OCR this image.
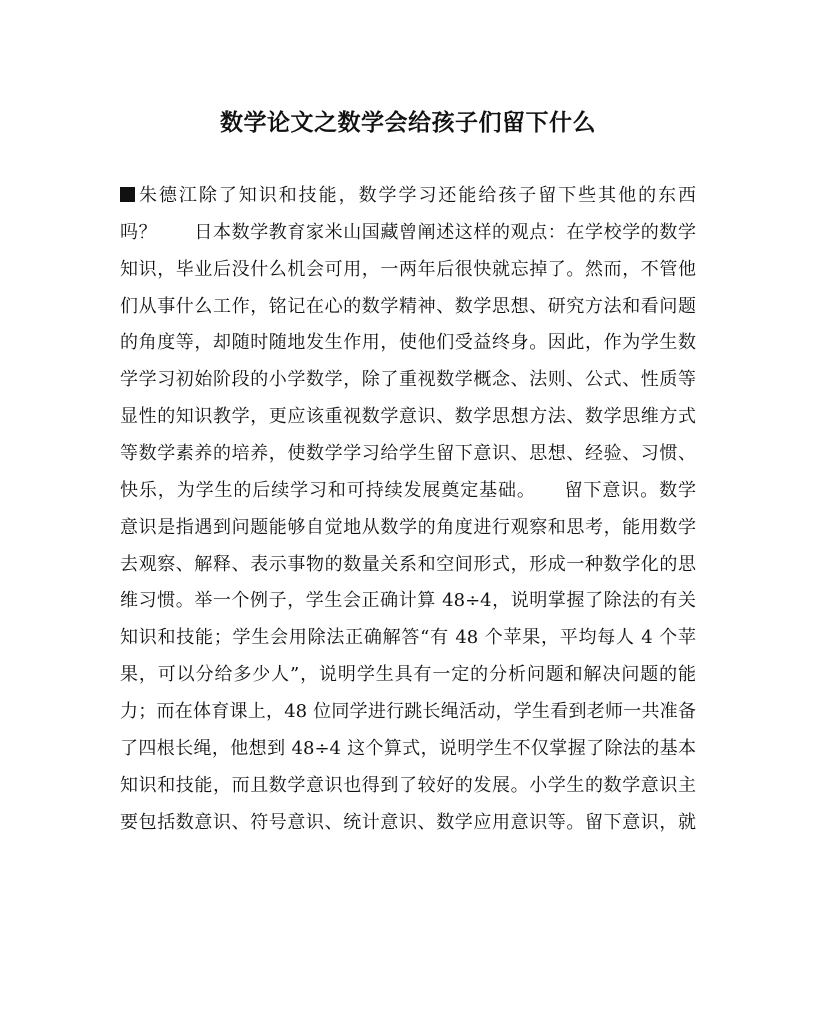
数学论文之数学会给孩子们留下什么
朱德江除了知识和技能，数学学习还能给孩子留下些其他的东西
吗？　　日本数学教育家米山国藏曾阐述这样的观点：在学校学的数学
知识，毕业后没什么机会可用，一两年后很快就忘掉了。然而，不管他
们从事什么工作，铭记在心的数学精神、数学思想、研究方法和看问题
的角度等，却随时随地发生作用，使他们受益终身。因此，作为学生数
学学习初始阶段的小学数学，除了重视数学概念、法则、公式、性质等
显性的知识教学，更应该重视数学意识、数学思想方法、数学思维方式
等数学素养的培养，使数学学习给学生留下意识、思想、经验、习惯、
快乐，为学生的后续学习和可持续发展奠定基础。　　留下意识。数学
意识是指遇到问题能够自觉地从数学的角度进行观察和思考，能用数学
去观察、解释、表示事物的数量关系和空间形式，形成一种数学化的思
维习惯。举一个例子，学生会正确计算 48÷4，说明掌握了除法的有关
知识和技能；学生会用除法正确解答“有 48 个苹果，平均每人 4 个苹
果，可以分给多少人”，说明学生具有一定的分析问题和解决问题的能
力；而在体育课上，48 位同学进行跳长绳活动，学生看到老师一共准备
了四根长绳，他想到 48÷4 这个算式，说明学生不仅掌握了除法的基本
知识和技能，而且数学意识也得到了较好的发展。小学生的数学意识主
要包括数意识、符号意识、统计意识、数学应用意识等。留下意识，就
